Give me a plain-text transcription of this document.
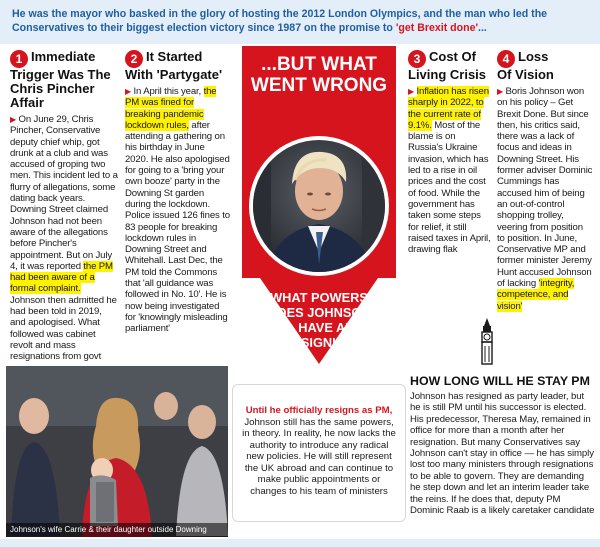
He was the mayor who basked in the glory of hosting the 2012 London Olympics, and the man who led the Conservatives to their biggest election victory since 1987 on the promise to 'get Brexit done'...
1 Immediate
Trigger Was The Chris Pincher Affair
▶ On June 29, Chris Pincher, Conservative deputy chief whip, got drunk at a club and was accused of groping two men. This incident led to a flurry of allegations, some dating back years. Downing Street claimed Johnson had not been aware of the allegations before Pincher's appointment. But on July 4, it was reported the PM had been aware of a formal complaint. Johnson then admitted he had been told in 2019, and apologised. What followed was cabinet revolt and mass resignations from govt
2 It Started
With 'Partygate'
▶ In April this year, the PM was fined for breaking pandemic lockdown rules, after attending a gathering on his birthday in June 2020. He also apologised for going to a 'bring your own booze' party in the Downing St garden during the lockdown. Police issued 126 fines to 83 people for breaking lockdown rules in Downing Street and Whitehall. Last Dec, the PM told the Commons that 'all guidance was followed in No. 10'. He is now being investigated for 'knowingly misleading parliament'
...BUT WHAT
WENT WRONG
WHAT POWERS
DOES JOHNSON
STILL HAVE AFTER
RESIGNING
3 Cost Of
Living Crisis
▶ Inflation has risen sharply in 2022, to the current rate of 9.1%. Most of the blame is on Russia's Ukraine invasion, which has led to a rise in oil prices and the cost of food. While the government has taken some steps for relief, it still raised taxes in April, drawing flak
4 Loss
Of Vision
▶ Boris Johnson won on his policy – Get Brexit Done. But since then, his critics said, there was a lack of focus and ideas in Downing Street. His former adviser Dominic Cummings has accused him of being an out-of-control shopping trolley, veering from position to position. In June, Conservative MP and former minister Jeremy Hunt accused Johnson of lacking 'integrity, competence, and vision'
Johnson's wife Carrie & their daughter outside Downing
Until he officially resigns as PM, Johnson still has the same powers, in theory. In reality, he now lacks the authority to introduce any radical new policies. He will still represent the UK abroad and can continue to make public appointments or changes to his team of ministers
HOW LONG WILL HE STAY PM
Johnson has resigned as party leader, but he is still PM until his successor is elected. His predecessor, Theresa May, remained in office for more than a month after her resignation. But many Conservatives say Johnson can't stay in office — he has simply lost too many ministers through resignations to be able to govern. They are demanding he step down and let an interim leader take the reins. If he does that, deputy PM Dominic Raab is a likely caretaker candidate
